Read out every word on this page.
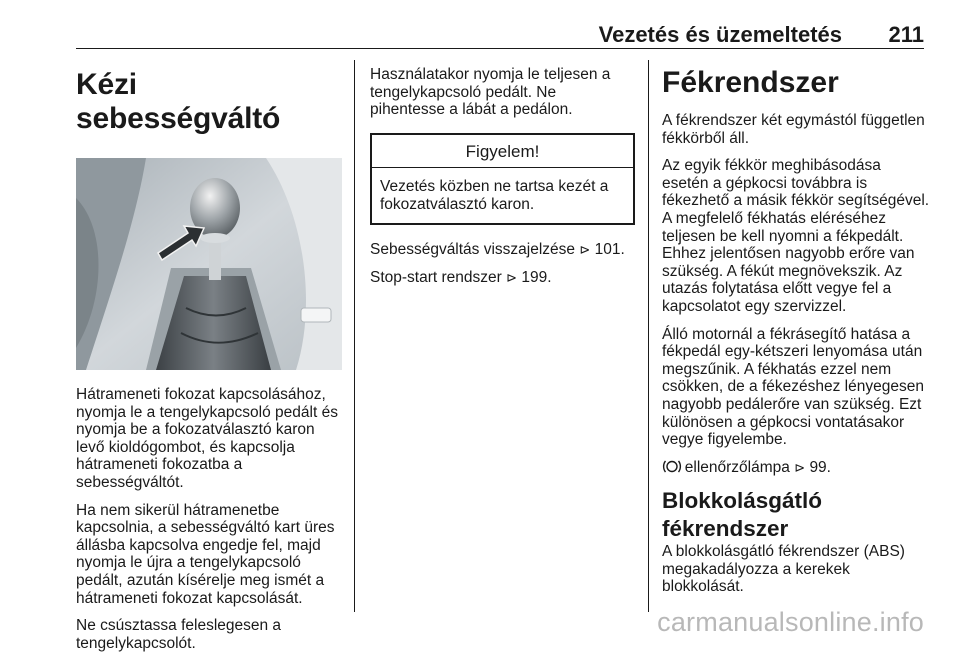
Vezetés és üzemeltetés 211
Kézi sebességváltó

Hátrameneti fokozat kapcsolásához, nyomja le a tengelykapcsoló pedált és nyomja be a fokozatválasztó karon levő kioldógombot, és kapcsolja hátrameneti fokozatba a sebességváltót.

Ha nem sikerül hátramenetbe kapcsolnia, a sebességváltó kart üres állásba kapcsolva engedje fel, majd nyomja le újra a tengelykapcsoló pedált, azután kísérelje meg ismét a hátrameneti fokozat kapcsolását.

Ne csúsztassa feleslegesen a tengelykapcsolót.

Használatakor nyomja le teljesen a tengelykapcsoló pedált. Ne pihentesse a lábát a pedálon.

Figyelem!
Vezetés közben ne tartsa kezét a fokozatválasztó karon.

Sebességváltás visszajelzése ⊳ 101.

Stop-start rendszer ⊳ 199.

Fékrendszer

A fékrendszer két egymástól független fékkörből áll.

Az egyik fékkör meghibásodása esetén a gépkocsi továbbra is fékezhető a másik fékkör segítségével. A megfelelő fékhatás eléréséhez teljesen be kell nyomni a fékpedált. Ehhez jelentősen nagyobb erőre van szükség. A fékút megnövekszik. Az utazás folytatása előtt vegye fel a kapcsolatot egy szervizzel.

Álló motornál a fékrásegítő hatása a fékpedál egy-kétszeri lenyomása után megszűnik. A fékhatás ezzel nem csökken, de a fékezéshez lényegesen nagyobb pedálerőre van szükség. Ezt különösen a gépkocsi vontatásakor vegye figyelembe.

ellenőrzőlámpa ⊳ 99.

Blokkolásgátló fékrendszer

A blokkolásgátló fékrendszer (ABS) megakadályozza a kerekek blokkolását.

carmanualsonline.info
